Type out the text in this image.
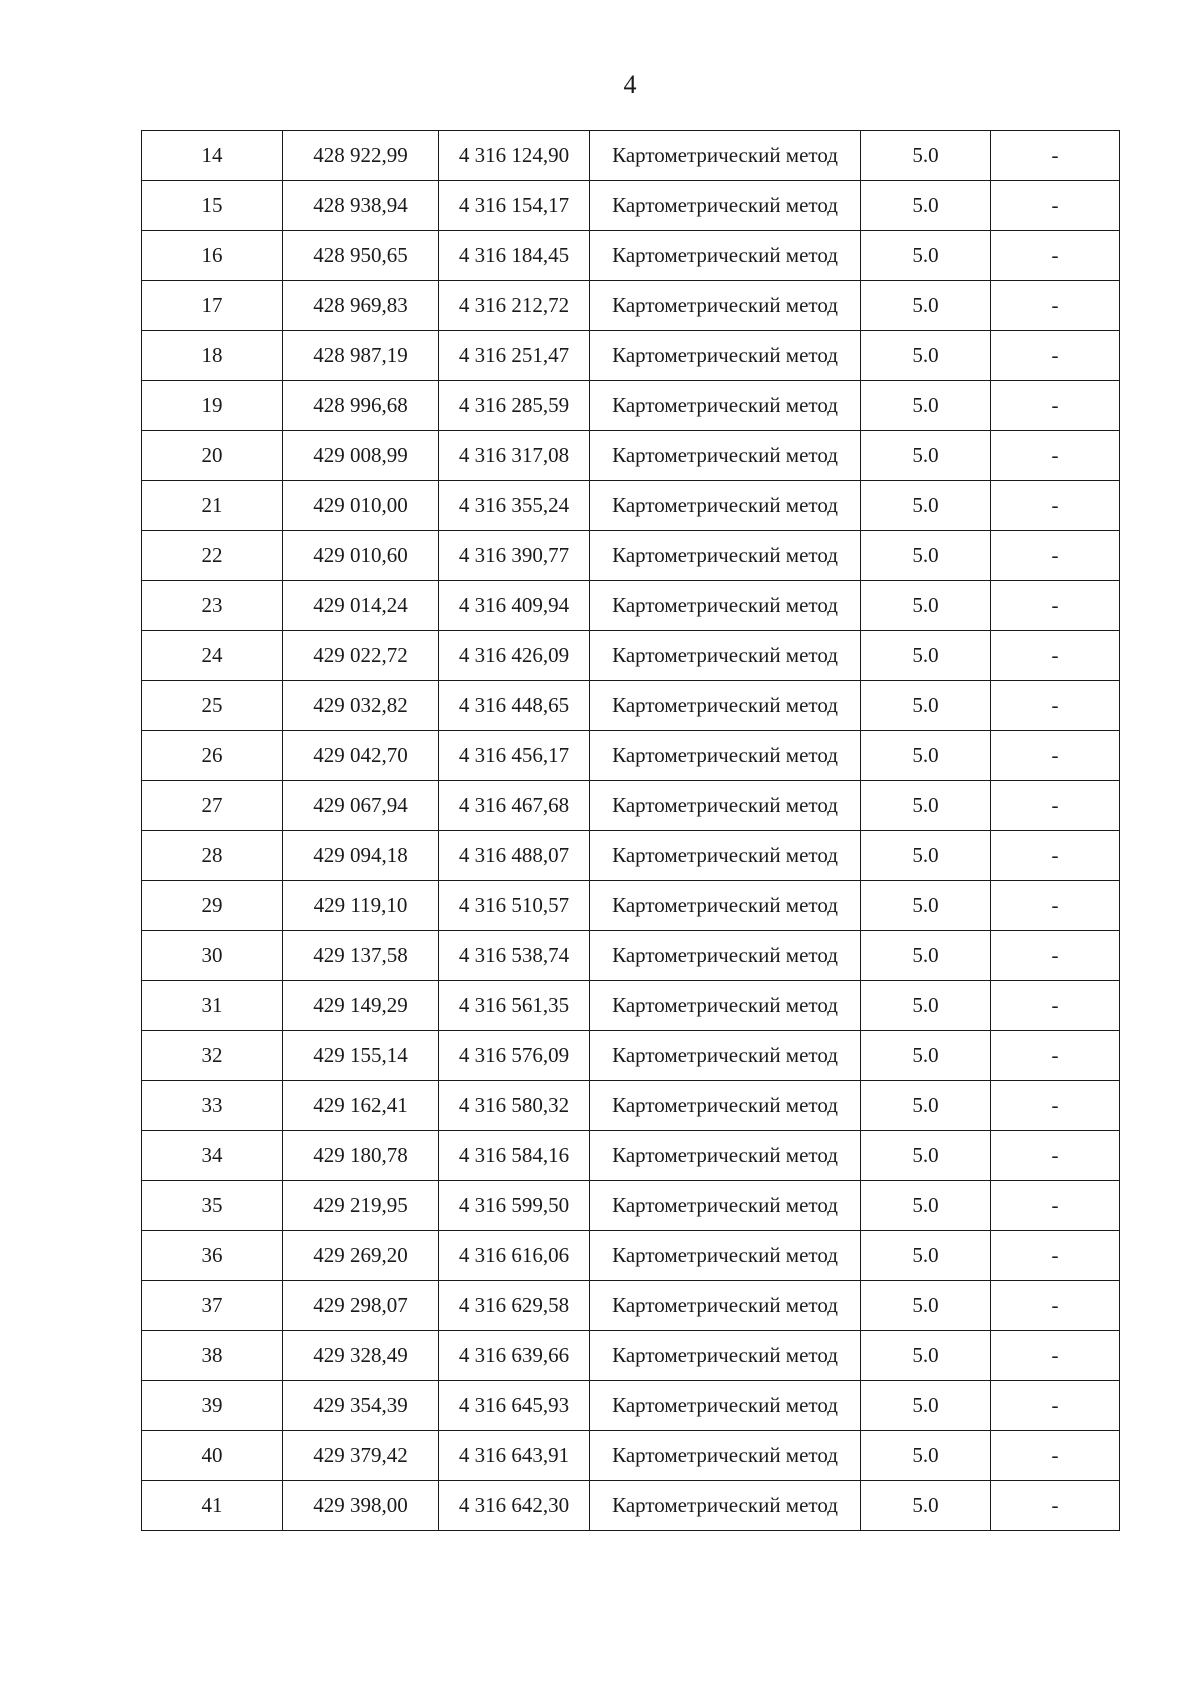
4
14	428 922,99	4 316 124,90	Картометрический метод	5.0	-
15	428 938,94	4 316 154,17	Картометрический метод	5.0	-
16	428 950,65	4 316 184,45	Картометрический метод	5.0	-
17	428 969,83	4 316 212,72	Картометрический метод	5.0	-
18	428 987,19	4 316 251,47	Картометрический метод	5.0	-
19	428 996,68	4 316 285,59	Картометрический метод	5.0	-
20	429 008,99	4 316 317,08	Картометрический метод	5.0	-
21	429 010,00	4 316 355,24	Картометрический метод	5.0	-
22	429 010,60	4 316 390,77	Картометрический метод	5.0	-
23	429 014,24	4 316 409,94	Картометрический метод	5.0	-
24	429 022,72	4 316 426,09	Картометрический метод	5.0	-
25	429 032,82	4 316 448,65	Картометрический метод	5.0	-
26	429 042,70	4 316 456,17	Картометрический метод	5.0	-
27	429 067,94	4 316 467,68	Картометрический метод	5.0	-
28	429 094,18	4 316 488,07	Картометрический метод	5.0	-
29	429 119,10	4 316 510,57	Картометрический метод	5.0	-
30	429 137,58	4 316 538,74	Картометрический метод	5.0	-
31	429 149,29	4 316 561,35	Картометрический метод	5.0	-
32	429 155,14	4 316 576,09	Картометрический метод	5.0	-
33	429 162,41	4 316 580,32	Картометрический метод	5.0	-
34	429 180,78	4 316 584,16	Картометрический метод	5.0	-
35	429 219,95	4 316 599,50	Картометрический метод	5.0	-
36	429 269,20	4 316 616,06	Картометрический метод	5.0	-
37	429 298,07	4 316 629,58	Картометрический метод	5.0	-
38	429 328,49	4 316 639,66	Картометрический метод	5.0	-
39	429 354,39	4 316 645,93	Картометрический метод	5.0	-
40	429 379,42	4 316 643,91	Картометрический метод	5.0	-
41	429 398,00	4 316 642,30	Картометрический метод	5.0	-
